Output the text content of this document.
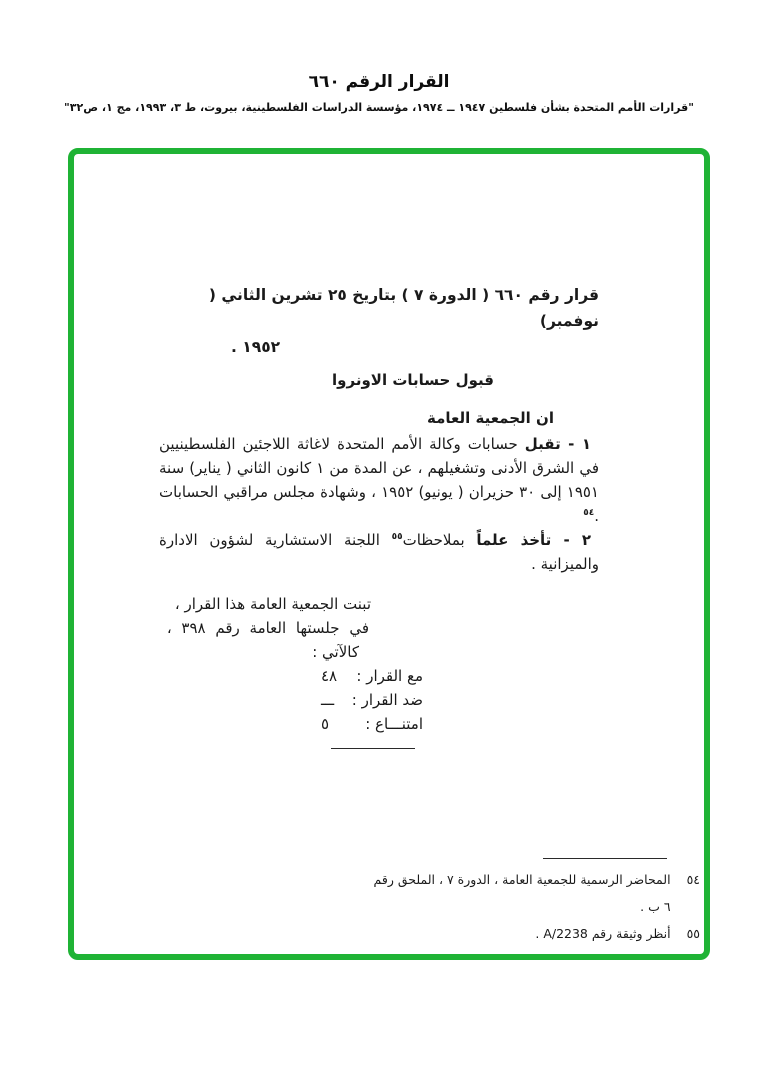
القرار الرقم ٦٦٠
"قرارات الأمم المتحدة بشأن فلسطين ١٩٤٧ ــ ١٩٧٤، مؤسسة الدراسات الفلسطينية، بيروت، ط ٣، ١٩٩٣، مج ١، ص٣٢"
قرار رقم ٦٦٠ ( الدورة ٧ ) بتاريخ ٢٥ تشرين الثاني ( نوفمبر)
١٩٥٢ .
قبول حسابات الاونروا
ان الجمعية العامة

١ - تقبل حسابات وكالة الأمم المتحدة لاغاثة اللاجئين الفلسطينيين في الشرق الأدنى وتشغيلهم ، عن المدة من ١ كانون الثاني ( يناير) سنة ١٩٥١ إلى ٣٠ حزيران ( يونيو) ١٩٥٢ ، وشهادة مجلس مراقبي الحسابات .$^{٥٤}$

٢ - تأخذ علماً بملاحظات$^{٥٥}$ اللجنة الاستشارية لشؤون الادارة والميزانية .

تبنت الجمعية العامة هذا القرار ،
في جلستها العامة رقم ٣٩٨ ،
كالآتي :
مع القرار :
٤٨
ضد القرار :
ـــ
امتنـــاع :
٥
٥٤
المحاضر الرسمية للجمعية العامة ، الدورة ٧ ، الملحق رقم ٦ ب .
٥٥
أنظر وثيقة رقم A/2238 .
